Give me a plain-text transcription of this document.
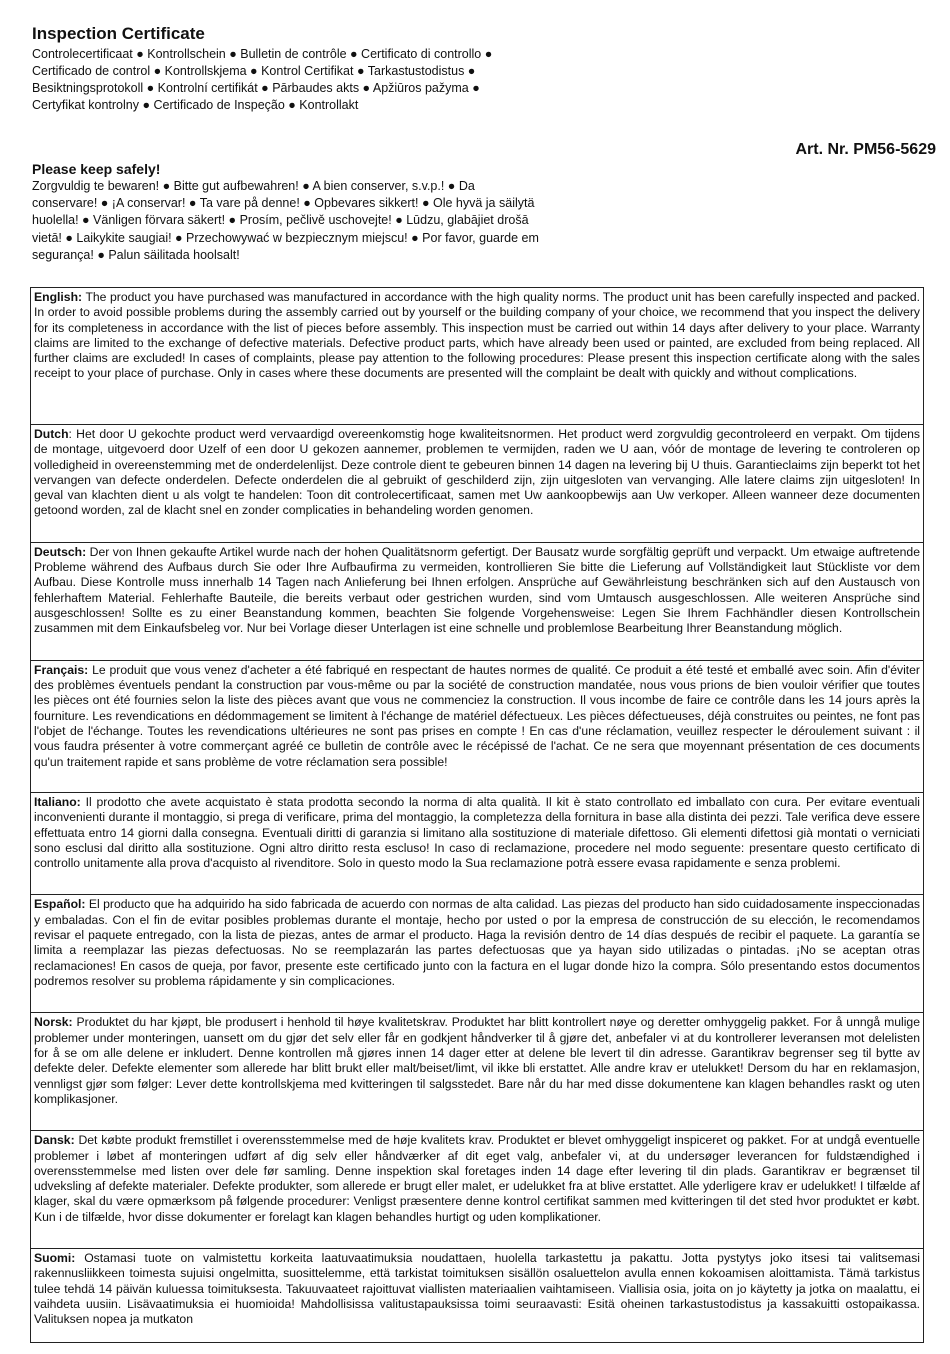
Inspection Certificate

Controlecertificaat ● Kontrollschein ● Bulletin de contrôle ● Certificato di controllo ● Certificado de control ● Kontrollskjema ● Kontrol Certifikat ● Tarkastustodistus ● Besiktningsprotokoll ● Kontrolní certifikát ● Pārbaudes akts ● Apžiūros pažyma ● Certyfikat kontrolny ● Certificado de Inspeção ● Kontrollakt

Art. Nr. PM56-5629

Please keep safely!

Zorgvuldig te bewaren! ● Bitte gut aufbewahren! ● A bien conserver, s.v.p.! ● Da conservare! ● ¡A conservar! ● Ta vare på denne! ● Opbevares sikkert! ● Ole hyvä ja säilytä huolella! ● Vänligen förvara säkert! ● Prosím, pečlivě uschovejte! ● Lūdzu, glabājiet drošā vietā! ● Laikykite saugiai! ● Przechowywać w bezpiecznym miejscu! ● Por favor, guarde em segurança! ● Palun säilitada hoolsalt!

English: The product you have purchased was manufactured in accordance with the high quality norms. The product unit has been carefully inspected and packed. In order to avoid possible problems during the assembly carried out by yourself or the building company of your choice, we recommend that you inspect the delivery for its completeness in accordance with the list of pieces before assembly. This inspection must be carried out within 14 days after delivery to your place. Warranty claims are limited to the exchange of defective materials. Defective product parts, which have already been used or painted, are excluded from being replaced. All further claims are excluded! In cases of complaints, please pay attention to the following procedures: Please present this inspection certificate along with the sales receipt to your place of purchase. Only in cases where these documents are presented will the complaint be dealt with quickly and without complications.
Dutch: Het door U gekochte product werd vervaardigd overeenkomstig hoge kwaliteitsnormen. Het product werd zorgvuldig gecontroleerd en verpakt. Om tijdens de montage, uitgevoerd door Uzelf of een door U gekozen aannemer, problemen te vermijden, raden we U aan, vóór de montage de levering te controleren op volledigheid in overeenstemming met de onderdelenlijst. Deze controle dient te gebeuren binnen 14 dagen na levering bij U thuis. Garantieclaims zijn beperkt tot het vervangen van defecte onderdelen. Defecte onderdelen die al gebruikt of geschilderd zijn, zijn uitgesloten van vervanging. Alle latere claims zijn uitgesloten! In geval van klachten dient u als volgt te handelen: Toon dit controlecertificaat, samen met Uw aankoopbewijs aan Uw verkoper. Alleen wanneer deze documenten getoond worden, zal de klacht snel en zonder complicaties in behandeling worden genomen.
Deutsch: Der von Ihnen gekaufte Artikel wurde nach der hohen Qualitätsnorm gefertigt. Der Bausatz wurde sorgfältig geprüft und verpackt. Um etwaige auftretende Probleme während des Aufbaus durch Sie oder Ihre Aufbaufirma zu vermeiden, kontrollieren Sie bitte die Lieferung auf Vollständigkeit laut Stückliste vor dem Aufbau. Diese Kontrolle muss innerhalb 14 Tagen nach Anlieferung bei Ihnen erfolgen. Ansprüche auf Gewährleistung beschränken sich auf den Austausch von fehlerhaftem Material. Fehlerhafte Bauteile, die bereits verbaut oder gestrichen wurden, sind vom Umtausch ausgeschlossen. Alle weiteren Ansprüche sind ausgeschlossen! Sollte es zu einer Beanstandung kommen, beachten Sie folgende Vorgehensweise: Legen Sie Ihrem Fachhändler diesen Kontrollschein zusammen mit dem Einkaufsbeleg vor. Nur bei Vorlage dieser Unterlagen ist eine schnelle und problemlose Bearbeitung Ihrer Beanstandung möglich.
Français: Le produit que vous venez d'acheter a été fabriqué en respectant de hautes normes de qualité. Ce produit a été testé et emballé avec soin. Afin d'éviter des problèmes éventuels pendant la construction par vous-même ou par la société de construction mandatée, nous vous prions de bien vouloir vérifier que toutes les pièces ont été fournies selon la liste des pièces avant que vous ne commenciez la construction. Il vous incombe de faire ce contrôle dans les 14 jours après la fourniture. Les revendications en dédommagement se limitent à l'échange de matériel défectueux. Les pièces défectueuses, déjà construites ou peintes, ne font pas l'objet de l'échange. Toutes les revendications ultérieures ne sont pas prises en compte ! En cas d'une réclamation, veuillez respecter le déroulement suivant : il vous faudra présenter à votre commerçant agréé ce bulletin de contrôle avec le récépissé de l'achat. Ce ne sera que moyennant présentation de ces documents qu'un traitement rapide et sans problème de votre réclamation sera possible!
Italiano: Il prodotto che avete acquistato è stata prodotta secondo la norma di alta qualità. Il kit è stato controllato ed imballato con cura. Per evitare eventuali inconvenienti durante il montaggio, si prega di verificare, prima del montaggio, la completezza della fornitura in base alla distinta dei pezzi. Tale verifica deve essere effettuata entro 14 giorni dalla consegna. Eventuali diritti di garanzia si limitano alla sostituzione di materiale difettoso. Gli elementi difettosi già montati o verniciati sono esclusi dal diritto alla sostituzione. Ogni altro diritto resta escluso! In caso di reclamazione, procedere nel modo seguente: presentare questo certificato di controllo unitamente alla prova d'acquisto al rivenditore. Solo in questo modo la Sua reclamazione potrà essere evasa rapidamente e senza problemi.
Español: El producto que ha adquirido ha sido fabricada de acuerdo con normas de alta calidad. Las piezas del producto han sido cuidadosamente inspeccionadas y embaladas. Con el fin de evitar posibles problemas durante el montaje, hecho por usted o por la empresa de construcción de su elección, le recomendamos revisar el paquete entregado, con la lista de piezas, antes de armar el producto. Haga la revisión dentro de 14 días después de recibir el paquete. La garantía se limita a reemplazar las piezas defectuosas. No se reemplazarán las partes defectuosas que ya hayan sido utilizadas o pintadas. ¡No se aceptan otras reclamaciones! En casos de queja, por favor, presente este certificado junto con la factura en el lugar donde hizo la compra. Sólo presentando estos documentos podremos resolver su problema rápidamente y sin complicaciones.
Norsk: Produktet du har kjøpt, ble produsert i henhold til høye kvalitetskrav. Produktet har blitt kontrollert nøye og deretter omhyggelig pakket. For å unngå mulige problemer under monteringen, uansett om du gjør det selv eller får en godkjent håndverker til å gjøre det, anbefaler vi at du kontrollerer leveransen mot delelisten for å se om alle delene er inkludert. Denne kontrollen må gjøres innen 14 dager etter at delene ble levert til din adresse. Garantikrav begrenser seg til bytte av defekte deler. Defekte elementer som allerede har blitt brukt eller malt/beiset/limt, vil ikke bli erstattet. Alle andre krav er utelukket! Dersom du har en reklamasjon, vennligst gjør som følger: Lever dette kontrollskjema med kvitteringen til salgsstedet. Bare når du har med disse dokumentene kan klagen behandles raskt og uten komplikasjoner.
Dansk: Det købte produkt fremstillet i overensstemmelse med de høje kvalitets krav. Produktet er blevet omhyggeligt inspiceret og pakket. For at undgå eventuelle problemer i løbet af monteringen udført af dig selv eller håndværker af dit eget valg, anbefaler vi, at du undersøger leverancen for fuldstændighed i overensstemmelse med listen over dele før samling. Denne inspektion skal foretages inden 14 dage efter levering til din plads. Garantikrav er begrænset til udveksling af defekte materialer. Defekte produkter, som allerede er brugt eller malet, er udelukket fra at blive erstattet. Alle yderligere krav er udelukket! I tilfælde af klager, skal du være opmærksom på følgende procedurer: Venligst præsentere denne kontrol certifikat sammen med kvitteringen til det sted hvor produktet er købt. Kun i de tilfælde, hvor disse dokumenter er forelagt kan klagen behandles hurtigt og uden komplikationer.
Suomi: Ostamasi tuote on valmistettu korkeita laatuvaatimuksia noudattaen, huolella tarkastettu ja pakattu. Jotta pystytys joko itsesi tai valitsemasi rakennusliikkeen toimesta sujuisi ongelmitta, suosittelemme, että tarkistat toimituksen sisällön osaluettelon avulla ennen kokoamisen aloittamista. Tämä tarkistus tulee tehdä 14 päivän kuluessa toimituksesta. Takuuvaateet rajoittuvat viallisten materiaalien vaihtamiseen. Viallisia osia, joita on jo käytetty ja jotka on maalattu, ei vaihdeta uusiin. Lisävaatimuksia ei huomioida! Mahdollisissa valitustapauksissa toimi seuraavasti: Esitä oheinen tarkastustodistus ja kassakuitti ostopaikassa. Valituksen nopea ja mutkaton
